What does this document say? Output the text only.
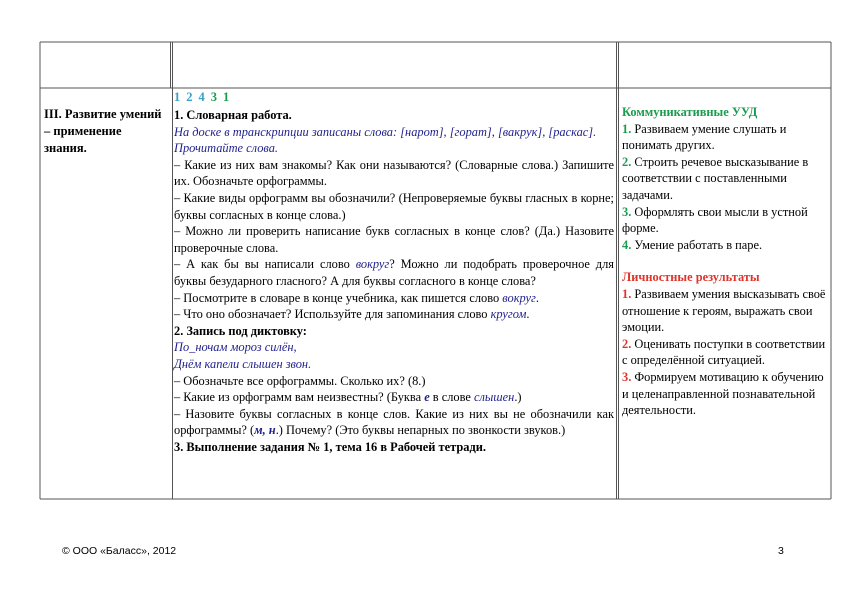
III. Развитие умений – применение знания.

1 2 4 3 1

1. Словарная работа.

На доске в транскрипции записаны слова: [нарот], [горат], [вакрук], [раскас].

Прочитайте слова.

– Какие из них вам знакомы? Как они называются? (Словарные слова.) Запишите их. Обозначьте орфограммы.

– Какие виды орфограмм вы обозначили? (Непроверяемые буквы гласных в корне; буквы согласных в конце слова.)

– Можно ли проверить написание букв согласных в конце слов? (Да.) Назовите проверочные слова.

– А как бы вы написали слово вокруг? Можно ли подобрать проверочное для буквы безударного гласного? А для буквы согласного в конце слова?

– Посмотрите в словаре в конце учебника, как пишется слово вокруг.

– Что оно обозначает? Используйте для запоминания слово кругом.

2. Запись под диктовку:

По_ночам мороз силён,

Днём капели слышен звон.

– Обозначьте все орфограммы. Сколько их? (8.)

– Какие из орфограмм вам неизвестны? (Буква е в слове слышен.)

– Назовите буквы согласных в конце слов. Какие из них вы не обозначили как орфограммы? (м, н.) Почему? (Это буквы непарных по звонкости звуков.)

3. Выполнение задания № 1, тема 16 в Рабочей тетради.

Коммуникативные УУД

1. Развиваем умение слушать и понимать других.

2. Строить речевое высказывание в соответствии с поставленными задачами.

3. Оформлять свои мысли в устной форме.

4. Умение работать в паре.

Личностные результаты

1. Развиваем умения высказывать своё отношение к героям, выражать свои эмоции.

2. Оценивать поступки в соответствии с определённой ситуацией.

3. Формируем мотивацию к обучению и целенаправленной познавательной деятельности.

© ООО «Баласс», 2012	3
